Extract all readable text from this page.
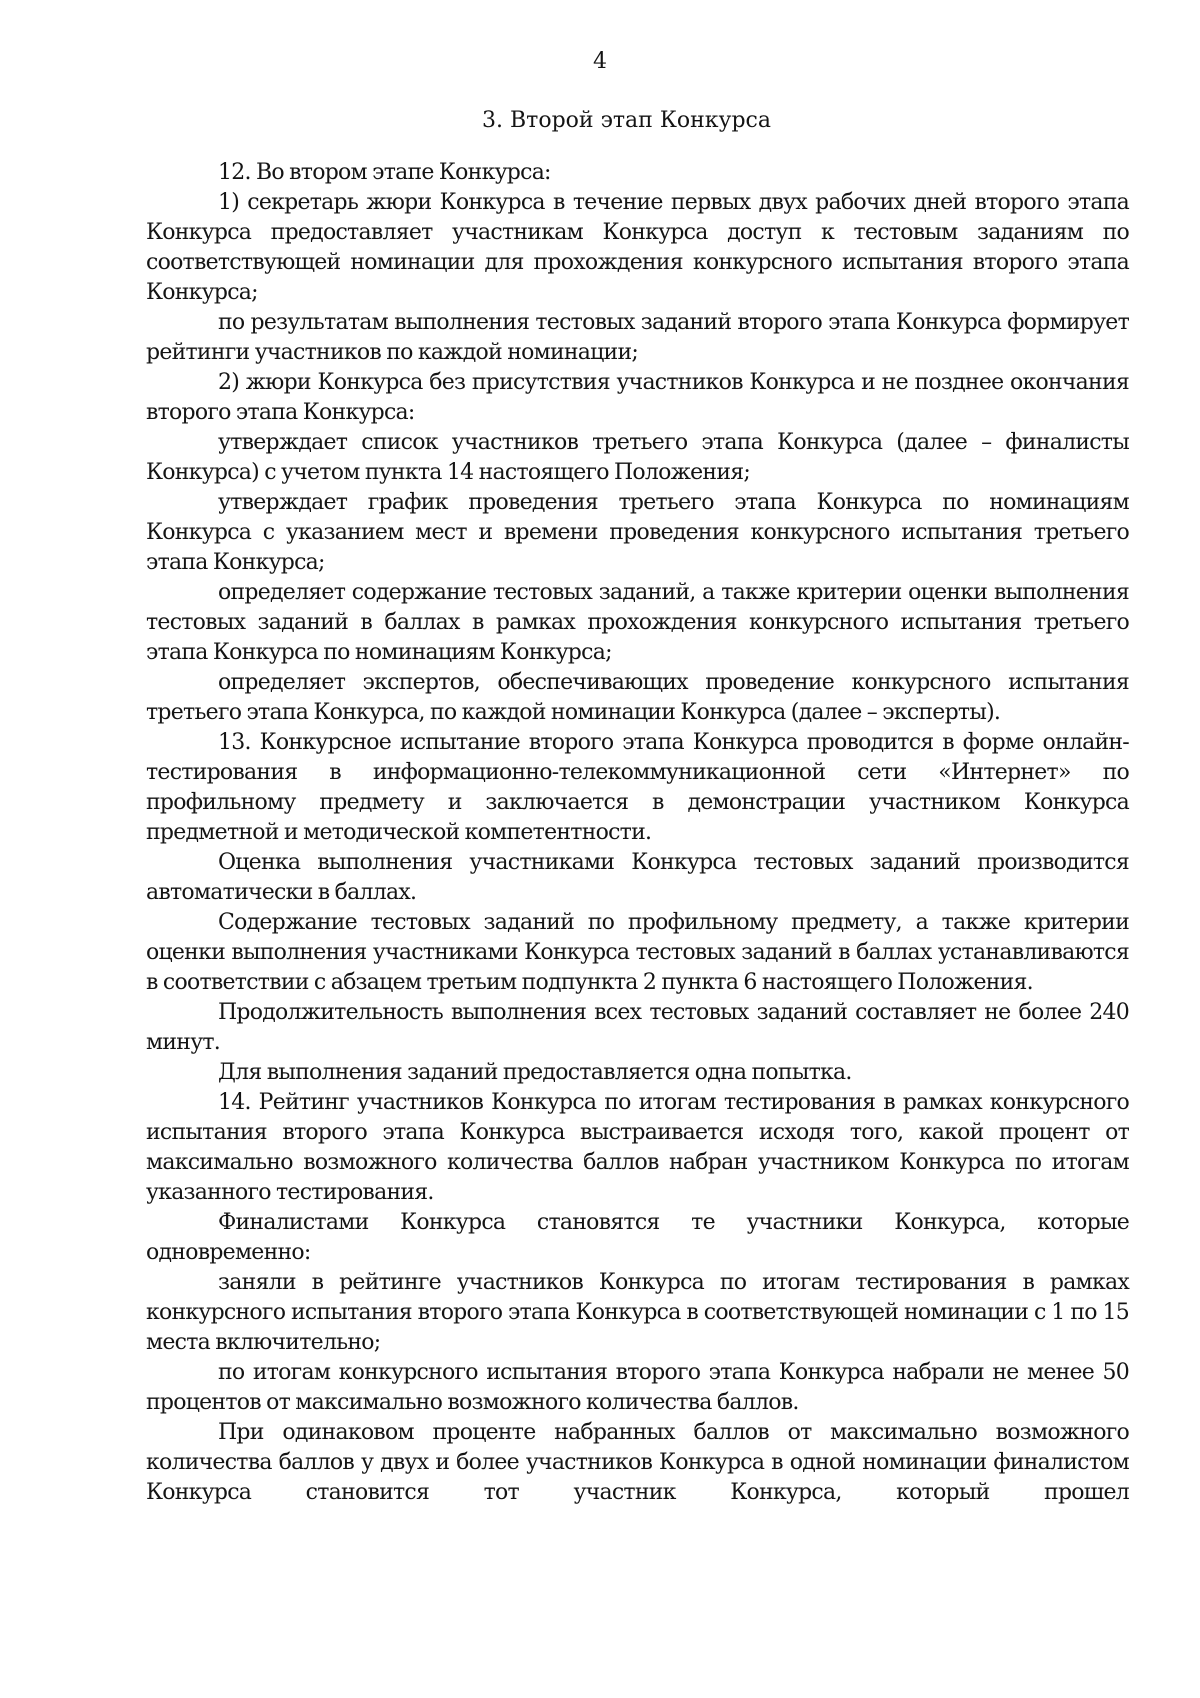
4
3. Второй этап Конкурса

12. Во втором этапе Конкурса:

1) секретарь жюри Конкурса в течение первых двух рабочих дней второго этапа Конкурса предоставляет участникам Конкурса доступ к тестовым заданиям по соответствующей номинации для прохождения конкурсного испытания второго этапа Конкурса;

по результатам выполнения тестовых заданий второго этапа Конкурса формирует рейтинги участников по каждой номинации;

2) жюри Конкурса без присутствия участников Конкурса и не позднее окончания второго этапа Конкурса:

утверждает список участников третьего этапа Конкурса (далее – финалисты Конкурса) с учетом пункта 14 настоящего Положения;

утверждает график проведения третьего этапа Конкурса по номинациям Конкурса с указанием мест и времени проведения конкурсного испытания третьего этапа Конкурса;

определяет содержание тестовых заданий, а также критерии оценки выполнения тестовых заданий в баллах в рамках прохождения конкурсного испытания третьего этапа Конкурса по номинациям Конкурса;

определяет экспертов, обеспечивающих проведение конкурсного испытания третьего этапа Конкурса, по каждой номинации Конкурса (далее – эксперты).

13. Конкурсное испытание второго этапа Конкурса проводится в форме онлайн-тестирования в информационно-телекоммуникационной сети «Интернет» по профильному предмету и заключается в демонстрации участником Конкурса предметной и методической компетентности.

Оценка выполнения участниками Конкурса тестовых заданий производится автоматически в баллах.

Содержание тестовых заданий по профильному предмету, а также критерии оценки выполнения участниками Конкурса тестовых заданий в баллах устанавливаются в соответствии с абзацем третьим подпункта 2 пункта 6 настоящего Положения.

Продолжительность выполнения всех тестовых заданий составляет не более 240 минут.

Для выполнения заданий предоставляется одна попытка.

14. Рейтинг участников Конкурса по итогам тестирования в рамках конкурсного испытания второго этапа Конкурса выстраивается исходя того, какой процент от максимально возможного количества баллов набран участником Конкурса по итогам указанного тестирования.

Финалистами Конкурса становятся те участники Конкурса, которые одновременно:

заняли в рейтинге участников Конкурса по итогам тестирования в рамках конкурсного испытания второго этапа Конкурса в соответствующей номинации с 1 по 15 места включительно;

по итогам конкурсного испытания второго этапа Конкурса набрали не менее 50 процентов от максимально возможного количества баллов.

При одинаковом проценте набранных баллов от максимально возможного количества баллов у двух и более участников Конкурса в одной номинации финалистом Конкурса становится тот участник Конкурса, который прошел
